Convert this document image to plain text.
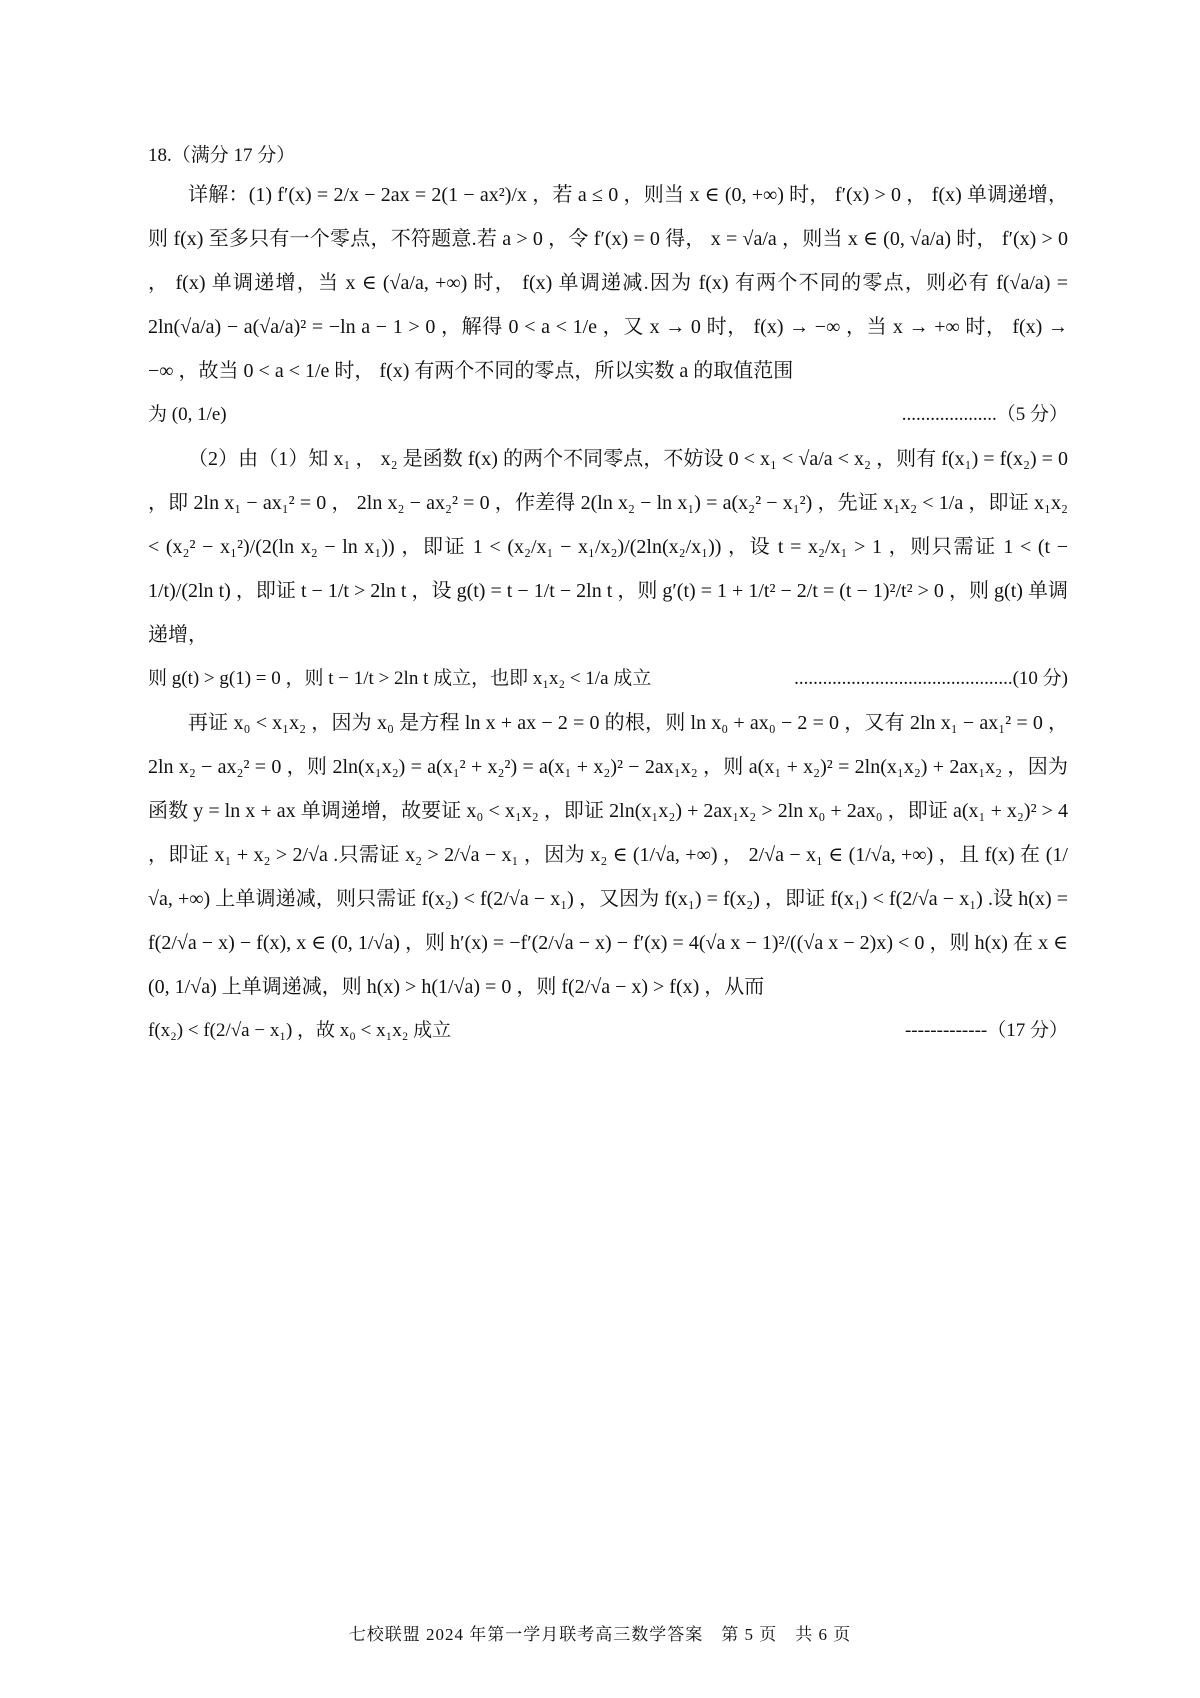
18.（满分 17 分）

详解：(1) f′(x) = 2/x − 2ax = 2(1 − ax²)/x ，若 a ≤ 0 ，则当 x ∈ (0, +∞) 时， f′(x) > 0 ， f(x) 单调递增，则 f(x) 至多只有一个零点，不符题意.若 a > 0 ，令 f′(x) = 0 得， x = √a/a ，则当 x ∈ (0, √a/a) 时， f′(x) > 0 ， f(x) 单调递增，当 x ∈ (√a/a, +∞) 时， f(x) 单调递减.因为 f(x) 有两个不同的零点，则必有 f(√a/a) = 2ln(√a/a) − a(√a/a)² = −ln a − 1 > 0 ，解得 0 < a < 1/e ，又 x → 0 时， f(x) → −∞ ，当 x → +∞ 时， f(x) → −∞ ，故当 0 < a < 1/e 时， f(x) 有两个不同的零点，所以实数 a 的取值范围

为 (0, 1/e)	....................（5 分）

（2）由（1）知 x₁ ， x₂ 是函数 f(x) 的两个不同零点，不妨设 0 < x₁ < √a/a < x₂ ，则有 f(x₁) = f(x₂) = 0 ，即 2ln x₁ − ax₁² = 0 ， 2ln x₂ − ax₂² = 0 ，作差得 2(ln x₂ − ln x₁) = a(x₂² − x₁²) ，先证 x₁x₂ < 1/a ，即证 x₁x₂ < (x₂² − x₁²)/(2(ln x₂ − ln x₁)) ，即证 1 < (x₂/x₁ − x₁/x₂)/(2ln(x₂/x₁)) ，设 t = x₂/x₁ > 1 ，则只需证 1 < (t − 1/t)/(2ln t) ，即证 t − 1/t > 2ln t ，设 g(t) = t − 1/t − 2ln t ，则 g′(t) = 1 + 1/t² − 2/t = (t − 1)²/t² > 0 ，则 g(t) 单调递增，

则 g(t) > g(1) = 0 ，则 t − 1/t > 2ln t 成立，也即 x₁x₂ < 1/a 成立	..............................................(10 分)

再证 x₀ < x₁x₂ ，因为 x₀ 是方程 ln x + ax − 2 = 0 的根，则 ln x₀ + ax₀ − 2 = 0 ，又有 2ln x₁ − ax₁² = 0 ， 2ln x₂ − ax₂² = 0 ，则 2ln(x₁x₂) = a(x₁² + x₂²) = a(x₁ + x₂)² − 2ax₁x₂ ，则 a(x₁ + x₂)² = 2ln(x₁x₂) + 2ax₁x₂ ，因为函数 y = ln x + ax 单调递增，故要证 x₀ < x₁x₂ ，即证 2ln(x₁x₂) + 2ax₁x₂ > 2ln x₀ + 2ax₀ ，即证 a(x₁ + x₂)² > 4 ，即证 x₁ + x₂ > 2/√a .只需证 x₂ > 2/√a − x₁ ，因为 x₂ ∈ (1/√a, +∞) ， 2/√a − x₁ ∈ (1/√a, +∞) ，且 f(x) 在 (1/√a, +∞) 上单调递减，则只需证 f(x₂) < f(2/√a − x₁) ，又因为 f(x₁) = f(x₂) ，即证 f(x₁) < f(2/√a − x₁) .设 h(x) = f(2/√a − x) − f(x), x ∈ (0, 1/√a) ，则 h′(x) = −f′(2/√a − x) − f′(x) = 4(√a x − 1)²/((√a x − 2)x) < 0 ，则 h(x) 在 x ∈ (0, 1/√a) 上单调递减，则 h(x) > h(1/√a) = 0 ，则 f(2/√a − x) > f(x) ，从而

f(x₂) < f(2/√a − x₁) ，故 x₀ < x₁x₂ 成立	-------------（17 分）
七校联盟 2024 年第一学月联考高三数学答案　第 5 页　共 6 页
